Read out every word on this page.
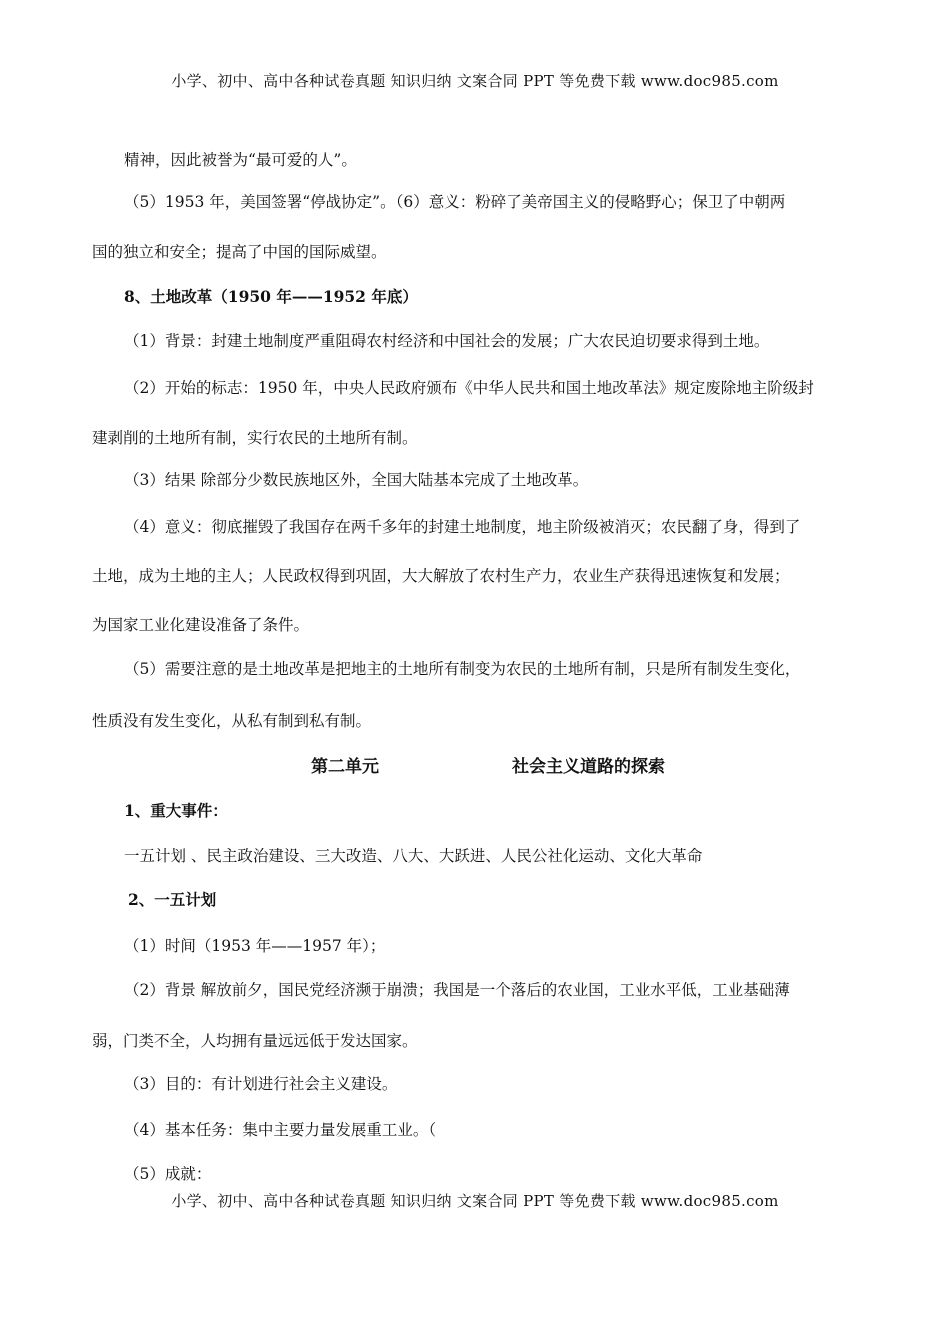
小学、初中、高中各种试卷真题 知识归纳 文案合同 PPT 等免费下载 www.doc985.com
精神，因此被誉为“最可爱的人”。
（5）1953 年，美国签署“停战协定”。（6）意义：粉碎了美帝国主义的侵略野心；保卫了中朝两
国的独立和安全；提高了中国的国际威望。
8、土地改革（1950 年——1952 年底）
（1）背景：封建土地制度严重阻碍农村经济和中国社会的发展；广大农民迫切要求得到土地。
（2）开始的标志：1950 年，中央人民政府颁布《中华人民共和国土地改革法》规定废除地主阶级封
建剥削的土地所有制，实行农民的土地所有制。
（3）结果 除部分少数民族地区外，全国大陆基本完成了土地改革。
（4）意义：彻底摧毁了我国存在两千多年的封建土地制度，地主阶级被消灭；农民翻了身，得到了
土地，成为土地的主人；人民政权得到巩固，大大解放了农村生产力，农业生产获得迅速恢复和发展；
为国家工业化建设准备了条件。
（5）需要注意的是土地改革是把地主的土地所有制变为农民的土地所有制，只是所有制发生变化，
性质没有发生变化，从私有制到私有制。
第二单元	社会主义道路的探索
1、重大事件：
一五计划 、民主政治建设、三大改造、八大、大跃进、人民公社化运动、文化大革命
2、一五计划
（1）时间（1953 年——1957 年）；
（2）背景 解放前夕，国民党经济濒于崩溃；我国是一个落后的农业国，工业水平低，工业基础薄
弱，门类不全，人均拥有量远远低于发达国家。
（3）目的：有计划进行社会主义建设。
（4）基本任务：集中主要力量发展重工业。（
（5）成就：
小学、初中、高中各种试卷真题 知识归纳 文案合同 PPT 等免费下载 www.doc985.com
